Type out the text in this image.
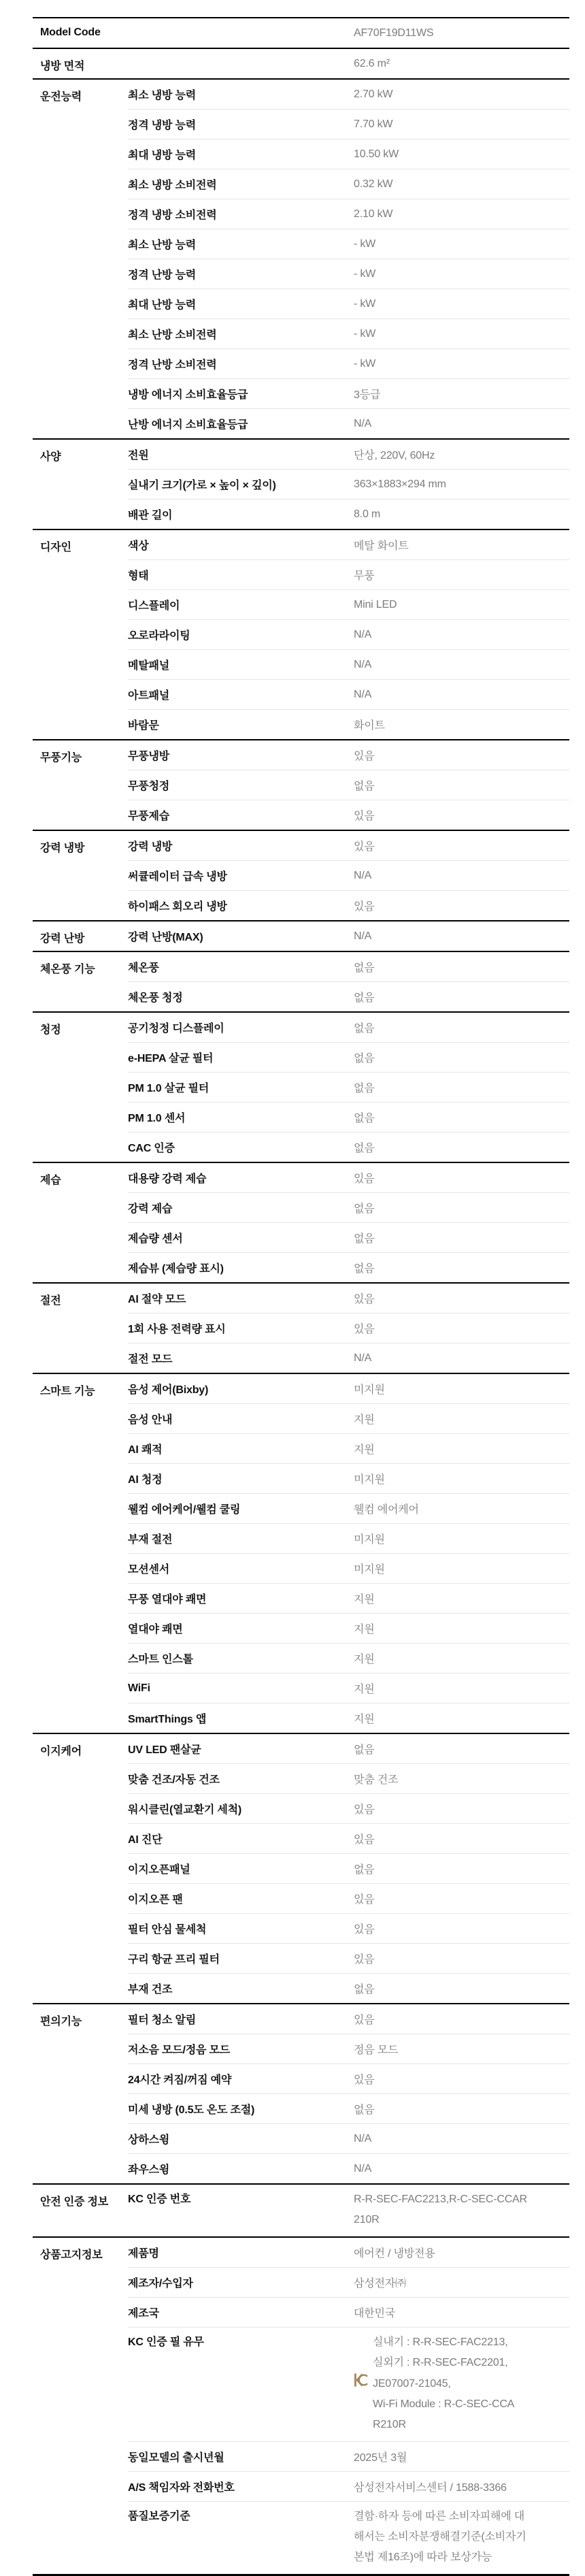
Model Code	AF70F19D11WS
냉방 면적	62.6 m²
운전능력	최소 냉방 능력	2.70 kW
정격 냉방 능력	7.70 kW
최대 냉방 능력	10.50 kW
최소 냉방 소비전력	0.32 kW
정격 냉방 소비전력	2.10 kW
최소 난방 능력	- kW
정격 난방 능력	- kW
최대 난방 능력	- kW
최소 난방 소비전력	- kW
정격 난방 소비전력	- kW
냉방 에너지 소비효율등급	3등급
난방 에너지 소비효율등급	N/A
사양	전원	단상, 220V, 60Hz
실내기 크기(가로 × 높이 × 깊이)	363×1883×294 mm
배관 길이	8.0 m
디자인	색상	메탈 화이트
형태	무풍
디스플레이	Mini LED
오로라라이팅	N/A
메탈패널	N/A
아트패널	N/A
바람문	화이트
무풍기능	무풍냉방	있음
무풍청정	없음
무풍제습	있음
강력 냉방	강력 냉방	있음
써큘레이터 급속 냉방	N/A
하이패스 회오리 냉방	있음
강력 난방	강력 난방(MAX)	N/A
체온풍 기능	체온풍	없음
체온풍 청정	없음
청정	공기청정 디스플레이	없음
e-HEPA 살균 필터	없음
PM 1.0 살균 필터	없음
PM 1.0 센서	없음
CAC 인증	없음
제습	대용량 강력 제습	있음
강력 제습	없음
제습량 센서	없음
제습뷰 (제습량 표시)	없음
절전	AI 절약 모드	있음
1회 사용 전력량 표시	있음
절전 모드	N/A
스마트 기능	음성 제어(Bixby)	미지원
음성 안내	지원
AI 쾌적	지원
AI 청정	미지원
웰컴 에어케어/웰컴 쿨링	웰컴 에어케어
부재 절전	미지원
모션센서	미지원
무풍 열대야 쾌면	지원
열대야 쾌면	지원
스마트 인스톨	지원
WiFi	지원
SmartThings 앱	지원
이지케어	UV LED 팬살균	없음
맞춤 건조/자동 건조	맞춤 건조
워시클린(열교환기 세척)	있음
AI 진단	있음
이지오픈패널	없음
이지오픈 팬	있음
필터 안심 물세척	있음
구리 항균 프리 필터	있음
부재 건조	없음
편의기능	필터 청소 알림	있음
저소음 모드/정음 모드	정음 모드
24시간 켜짐/꺼짐 예약	있음
미세 냉방 (0.5도 온도 조절)	없음
상하스윙	N/A
좌우스윙	N/A
안전 인증 정보	KC 인증 번호	R-R-SEC-FAC2213,R-C-SEC-CCAR
210R
상품고지정보	제품명	에어컨 / 냉방전용
제조자/수입자	삼성전자㈜
제조국	대한민국
KC 인증 필 유무	실내기 : R-R-SEC-FAC2213,
실외기 : R-R-SEC-FAC2201,
JE07007-21045,
Wi-Fi Module : R-C-SEC-CCA
R210R
동일모델의 출시년월	2025년 3월
A/S 책임자와 전화번호	삼성전자서비스센터 / 1588-3366
품질보증기준	결함·하자 등에 따른 소비자피해에 대
해서는 소비자분쟁해결기준(소비자기
본법 제16조)에 따라 보상가능
